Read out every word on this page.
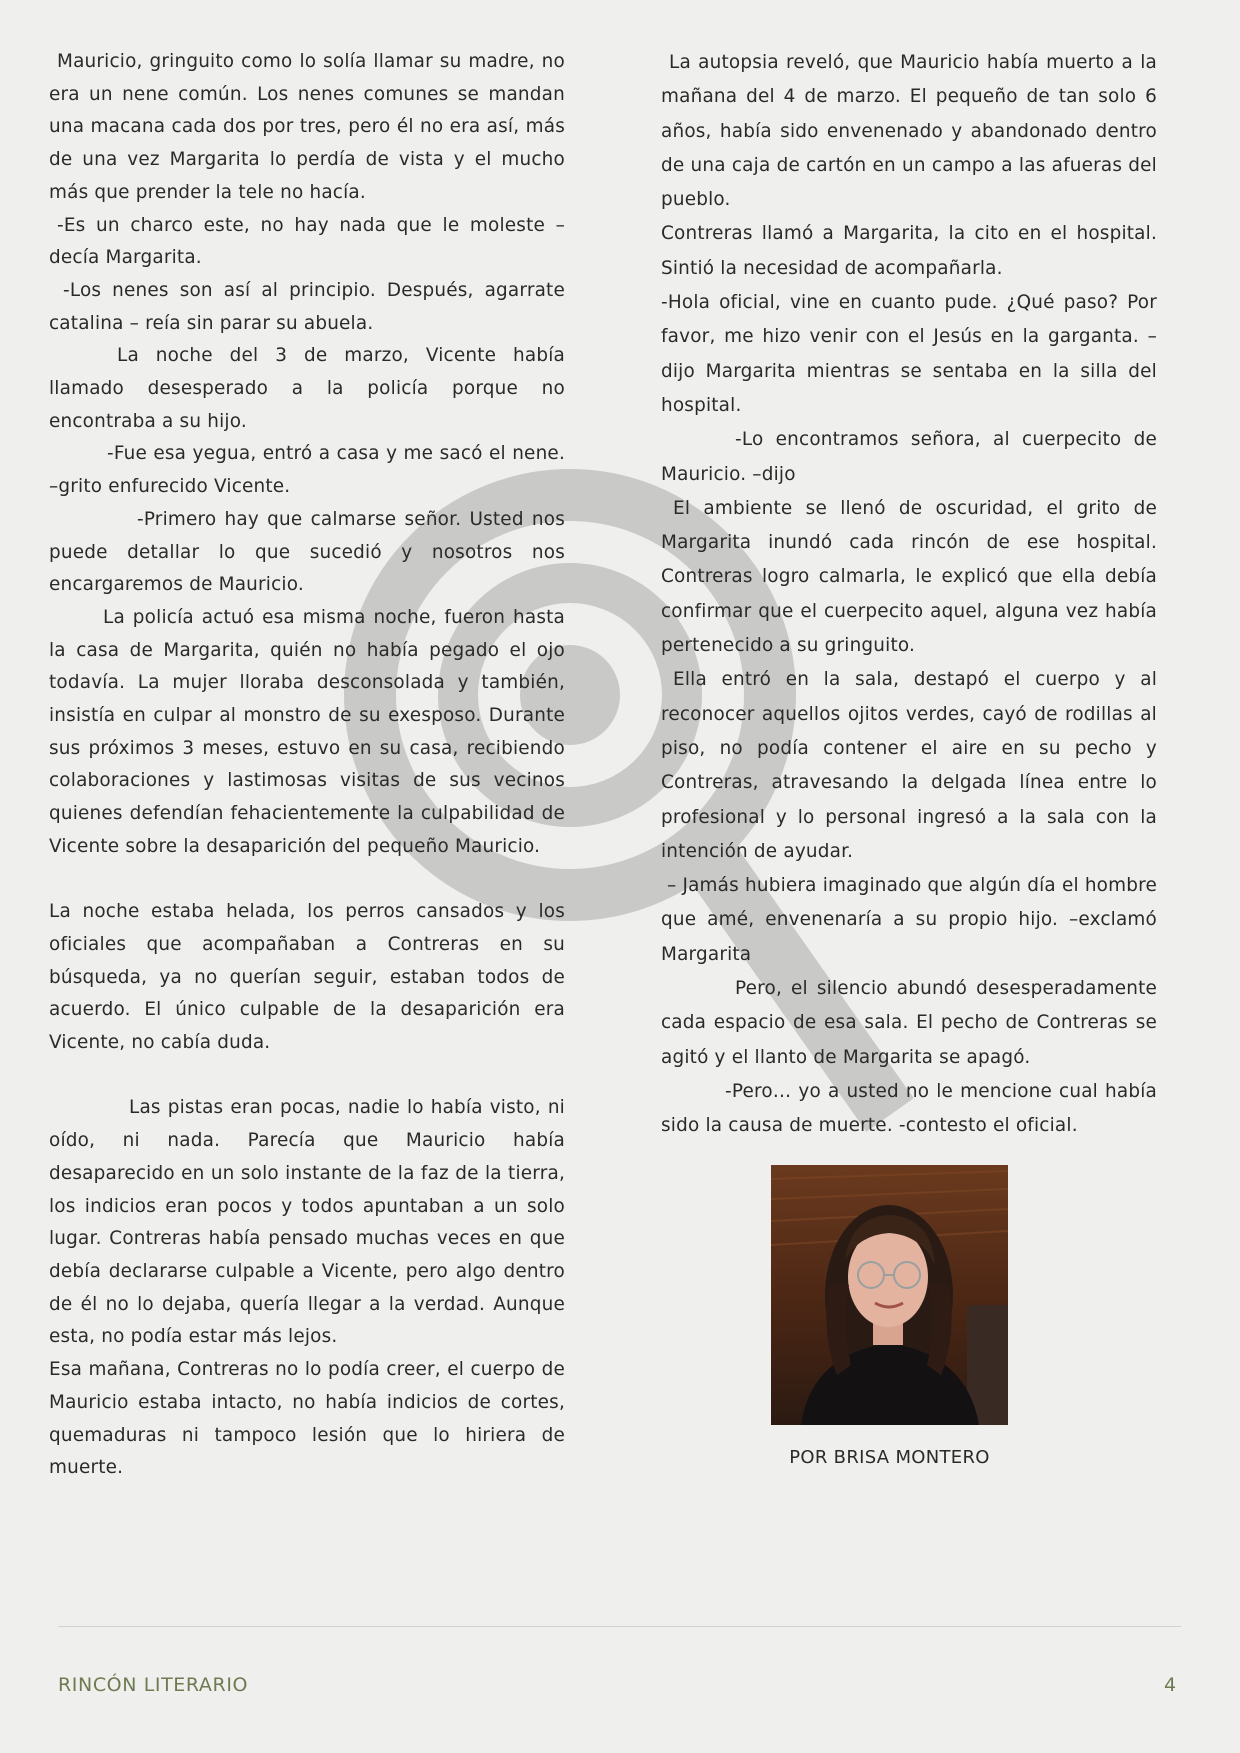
Mauricio, gringuito como lo solía llamar su madre, no era un nene común. Los nenes comunes se mandan una macana cada dos por tres, pero él no era así, más de una vez Margarita lo perdía de vista y el mucho más que prender la tele no hacía.

-Es un charco este, no hay nada que le moleste –decía Margarita.

-Los nenes son así al principio. Después, agarrate catalina – reía sin parar su abuela.

La noche del 3 de marzo, Vicente había llamado desesperado a la policía porque no encontraba a su hijo.

-Fue esa yegua, entró a casa y me sacó el nene. –grito enfurecido Vicente.

-Primero hay que calmarse señor. Usted nos puede detallar lo que sucedió y nosotros nos encargaremos de Mauricio.

La policía actuó esa misma noche, fueron hasta la casa de Margarita, quién no había pegado el ojo todavía. La mujer lloraba desconsolada y también, insistía en culpar al monstro de su exesposo. Durante sus próximos 3 meses, estuvo en su casa, recibiendo colaboraciones y lastimosas visitas de sus vecinos quienes defendían fehacientemente la culpabilidad de Vicente sobre la desaparición del pequeño Mauricio.

La noche estaba helada, los perros cansados y los oficiales que acompañaban a Contreras en su búsqueda, ya no querían seguir, estaban todos de acuerdo. El único culpable de la desaparición era Vicente, no cabía duda.

Las pistas eran pocas, nadie lo había visto, ni oído, ni nada. Parecía que Mauricio había desaparecido en un solo instante de la faz de la tierra, los indicios eran pocos y todos apuntaban a un solo lugar. Contreras había pensado muchas veces en que debía declararse culpable a Vicente, pero algo dentro de él no lo dejaba, quería llegar a la verdad. Aunque esta, no podía estar más lejos.

Esa mañana, Contreras no lo podía creer, el cuerpo de Mauricio estaba intacto, no había indicios de cortes, quemaduras ni tampoco lesión que lo hiriera de muerte.

La autopsia reveló, que Mauricio había muerto a la mañana del 4 de marzo. El pequeño de tan solo 6 años, había sido envenenado y abandonado dentro de una caja de cartón en un campo a las afueras del pueblo.

Contreras llamó a Margarita, la cito en el hospital. Sintió la necesidad de acompañarla.

-Hola oficial, vine en cuanto pude. ¿Qué paso? Por favor, me hizo venir con el Jesús en la garganta. –dijo Margarita mientras se sentaba en la silla del hospital.

-Lo encontramos señora, al cuerpecito de Mauricio. –dijo

El ambiente se llenó de oscuridad, el grito de Margarita inundó cada rincón de ese hospital. Contreras logro calmarla, le explicó que ella debía confirmar que el cuerpecito aquel, alguna vez había pertenecido a su gringuito.

Ella entró en la sala, destapó el cuerpo y al reconocer aquellos ojitos verdes, cayó de rodillas al piso, no podía contener el aire en su pecho y Contreras, atravesando la delgada línea entre lo profesional y lo personal ingresó a la sala con la intención de ayudar.

– Jamás hubiera imaginado que algún día el hombre que amé, envenenaría a su propio hijo. –exclamó Margarita

Pero, el silencio abundó desesperadamente cada espacio de esa sala. El pecho de Contreras se agitó y el llanto de Margarita se apagó.

-Pero… yo a usted no le mencione cual había sido la causa de muerte. -contesto el oficial.

POR BRISA MONTERO
RINCÓN LITERARIO	4
